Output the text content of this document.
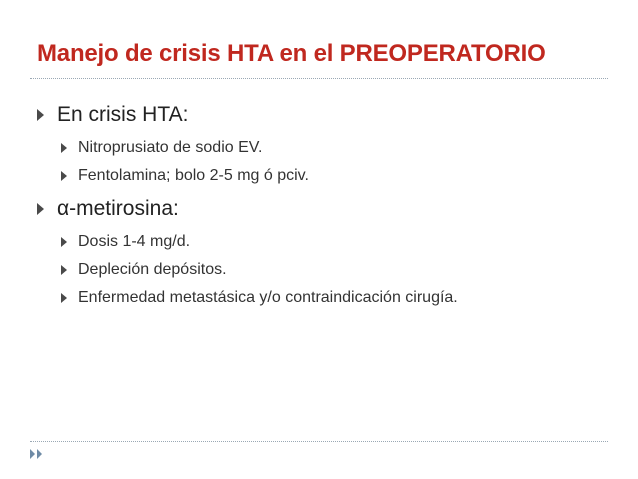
Manejo de crisis HTA en el PREOPERATORIO
En crisis HTA:
Nitroprusiato de sodio EV.
Fentolamina; bolo 2-5 mg ó pciv.
α-metirosina:
Dosis 1-4 mg/d.
Depleción depósitos.
Enfermedad metastásica y/o contraindicación cirugía.
